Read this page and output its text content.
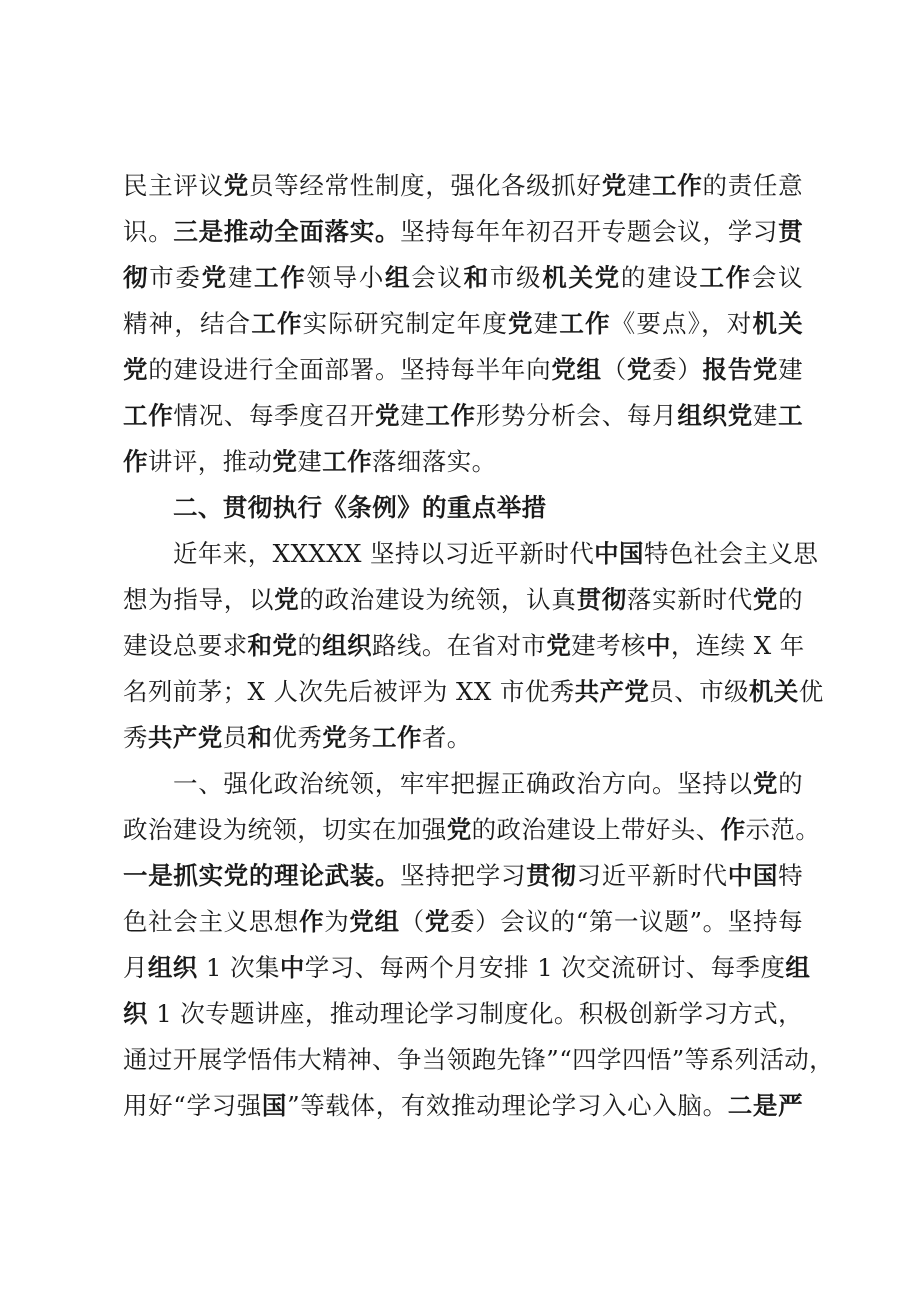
民主评议党员等经常性制度，强化各级抓好党建工作的责任意
识。三是推动全面落实。坚持每年年初召开专题会议，学习贯
彻市委党建工作领导小组会议和市级机关党的建设工作会议
精神，结合工作实际研究制定年度党建工作《要点》，对机关
党的建设进行全面部署。坚持每半年向党组（党委）报告党建
工作情况、每季度召开党建工作形势分析会、每月组织党建工
作讲评，推动党建工作落细落实。
二、贯彻执行《条例》的重点举措
近年来，XXXXX 坚持以习近平新时代中国特色社会主义思
想为指导，以党的政治建设为统领，认真贯彻落实新时代党的
建设总要求和党的组织路线。在省对市党建考核中，连续 X 年
名列前茅；X 人次先后被评为 XX 市优秀共产党员、市级机关优
秀共产党员和优秀党务工作者。
一、强化政治统领，牢牢把握正确政治方向。坚持以党的
政治建设为统领，切实在加强党的政治建设上带好头、作示范。
一是抓实党的理论武装。坚持把学习贯彻习近平新时代中国特
色社会主义思想作为党组（党委）会议的“第一议题”。坚持每
月组织 1 次集中学习、每两个月安排 1 次交流研讨、每季度组
织 1 次专题讲座，推动理论学习制度化。积极创新学习方式，
通过开展学悟伟大精神、争当领跑先锋”“四学四悟”等系列活动，
用好“学习强国”等载体，有效推动理论学习入心入脑。二是严
